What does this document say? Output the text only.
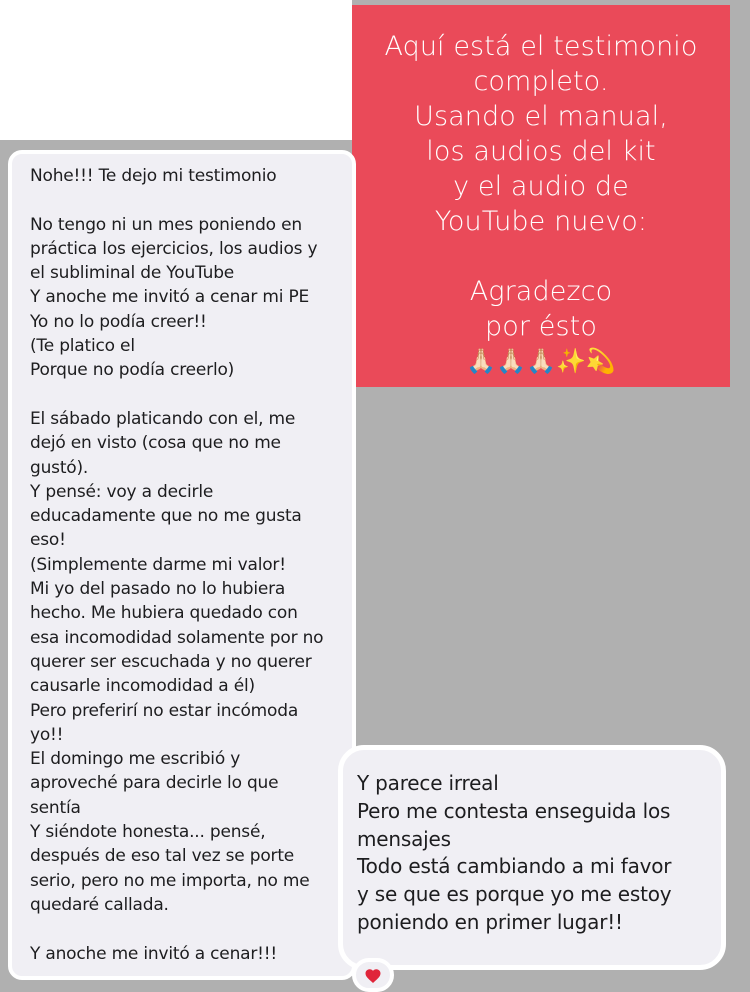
Aquí está el testimonio
completo.
Usando el manual,
los audios del kit
y el audio de
YouTube nuevo:
Agradezco
por ésto
🙏🏻🙏🏻🙏🏻✨💫

Nohe!!! Te dejo mi testimonio

No tengo ni un mes poniendo en

práctica los ejercicios, los audios y

el subliminal de YouTube

Y anoche me invitó a cenar mi PE

Yo no lo podía creer!!

(Te platico el

Porque no podía creerlo)

El sábado platicando con el, me

dejó en visto (cosa que no me

gustó).

Y pensé: voy a decirle

educadamente que no me gusta

eso!

(Simplemente darme mi valor!

Mi yo del pasado no lo hubiera

hecho. Me hubiera quedado con

esa incomodidad solamente por no

querer ser escuchada y no querer

causarle incomodidad a él)

Pero preferirí no estar incómoda

yo!!

El domingo me escribió y

aproveché para decirle lo que

sentía

Y siéndote honesta... pensé,

después de eso tal vez se porte

serio, pero no me importa, no me

quedaré callada.

Y anoche me invitó a cenar!!!

Y parece irreal

Pero me contesta enseguida los

mensajes

Todo está cambiando a mi favor

y se que es porque yo me estoy

poniendo en primer lugar!!
